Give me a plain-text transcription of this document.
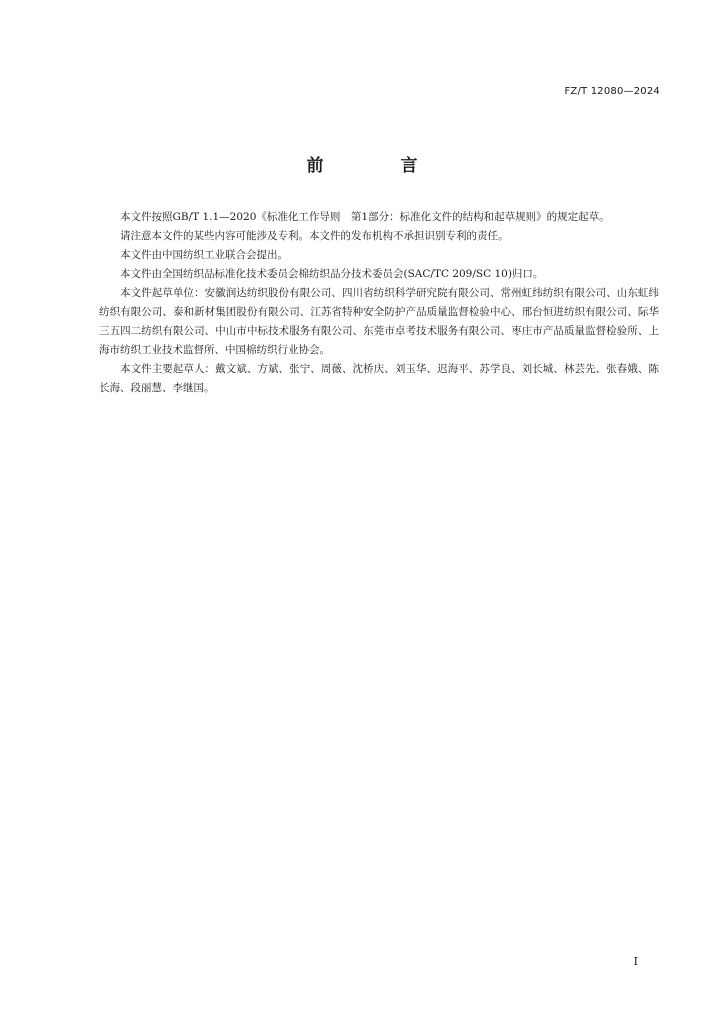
FZ/T 12080—2024
前　言

本文件按照GB/T 1.1—2020《标准化工作导则　第1部分：标准化文件的结构和起草规则》的规定起草。

请注意本文件的某些内容可能涉及专利。本文件的发布机构不承担识别专利的责任。

本文件由中国纺织工业联合会提出。

本文件由全国纺织品标准化技术委员会棉纺织品分技术委员会(SAC/TC 209/SC 10)归口。

本文件起草单位：安徽润达纺织股份有限公司、四川省纺织科学研究院有限公司、常州虹纬纺织有限公司、山东虹纬纺织有限公司、泰和新材集团股份有限公司、江苏省特种安全防护产品质量监督检验中心、邢台恒进纺织有限公司、际华三五四二纺织有限公司、中山市中标技术服务有限公司、东莞市卓考技术服务有限公司、枣庄市产品质量监督检验所、上海市纺织工业技术监督所、中国棉纺织行业协会。

本文件主要起草人：戴文斌、方斌、张宁、周薇、沈桥庆、刘玉华、迟海平、苏学良、刘长城、林芸先、张春娥、陈长海、段丽慧、李继国。

I
